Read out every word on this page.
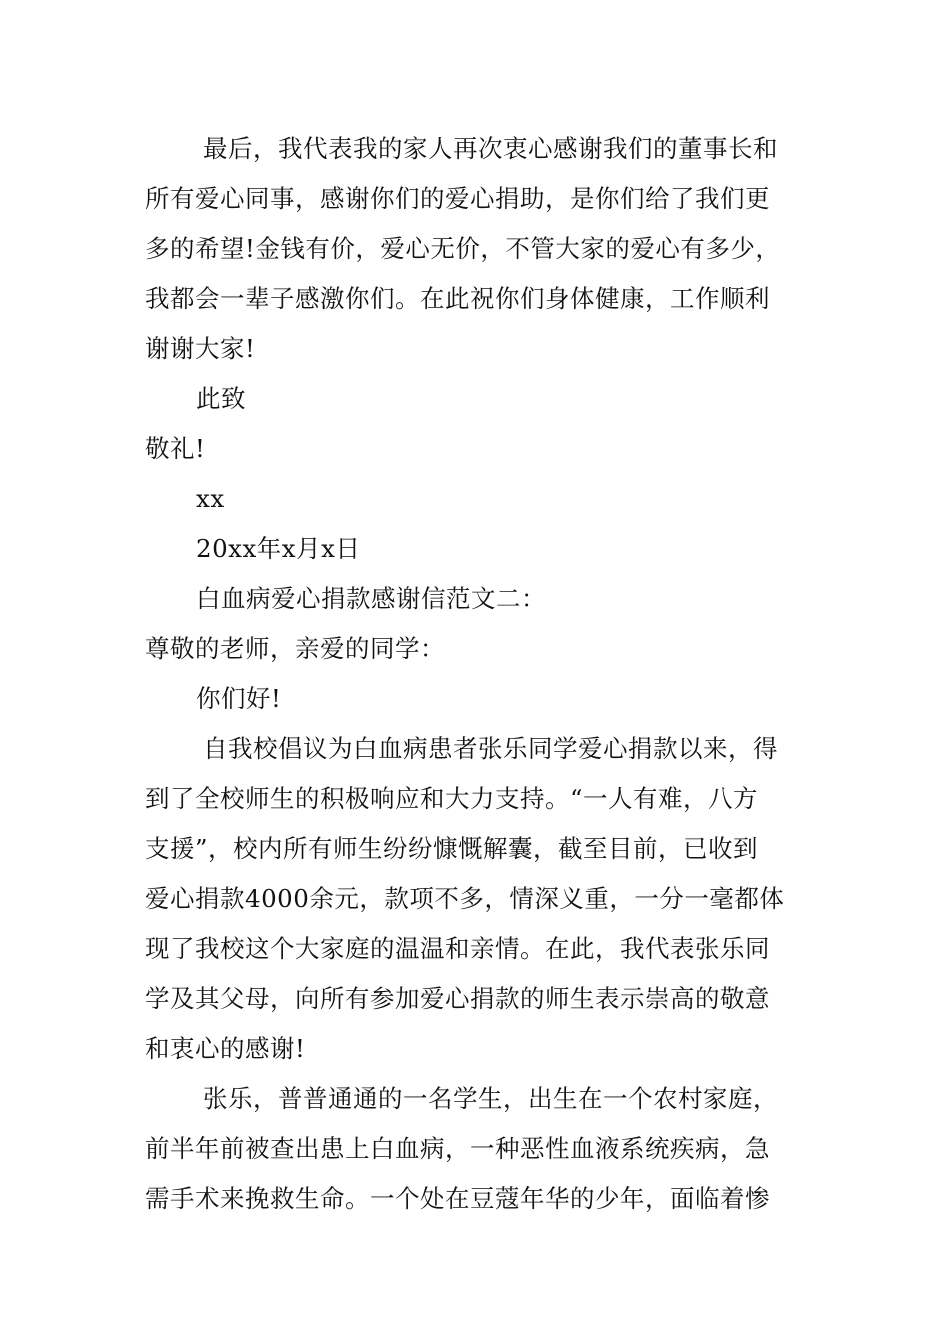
最后，我代表我的家人再次衷心感谢我们的董事长和
所有爱心同事，感谢你们的爱心捐助，是你们给了我们更
多的希望!金钱有价，爱心无价，不管大家的爱心有多少，
我都会一辈子感激你们。在此祝你们身体健康，工作顺利
谢谢大家!
此致
敬礼!
xx
20xx年x月x日
白血病爱心捐款感谢信范文二：
尊敬的老师，亲爱的同学：
你们好!
自我校倡议为白血病患者张乐同学爱心捐款以来，得
到了全校师生的积极响应和大力支持。“一人有难，八方
支援”，校内所有师生纷纷慷慨解囊，截至目前，已收到
爱心捐款4000余元，款项不多，情深义重，一分一毫都体
现了我校这个大家庭的温温和亲情。在此，我代表张乐同
学及其父母，向所有参加爱心捐款的师生表示崇高的敬意
和衷心的感谢!
张乐，普普通通的一名学生，出生在一个农村家庭，
前半年前被查出患上白血病，一种恶性血液系统疾病，急
需手术来挽救生命。一个处在豆蔻年华的少年，面临着惨
